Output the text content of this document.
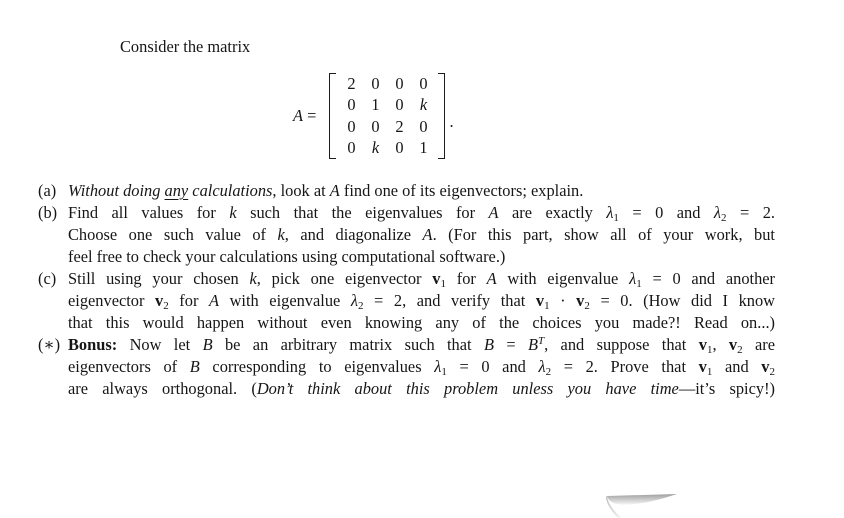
Consider the matrix
A =
2 0 0 0
0 1 0 k
0 0 2 0
0 k 0 1
.
(a) Without doing any calculations, look at A find one of its eigenvectors; explain.
(b) Find all values for k such that the eigenvalues for A are exactly λ1 = 0 and λ2 = 2.
Choose one such value of k, and diagonalize A. (For this part, show all of your work, but
feel free to check your calculations using computational software.)
(c) Still using your chosen k, pick one eigenvector v1 for A with eigenvalue λ1 = 0 and another
eigenvector v2 for A with eigenvalue λ2 = 2, and verify that v1 · v2 = 0. (How did I know
that this would happen without even knowing any of the choices you made?! Read on...)
(∗) Bonus: Now let B be an arbitrary matrix such that $B = B^T$, and suppose that v1, v2 are
eigenvectors of B corresponding to eigenvalues λ1 = 0 and λ2 = 2. Prove that v1 and v2
are always orthogonal. (Don’t think about this problem unless you have time—it’s spicy!)
